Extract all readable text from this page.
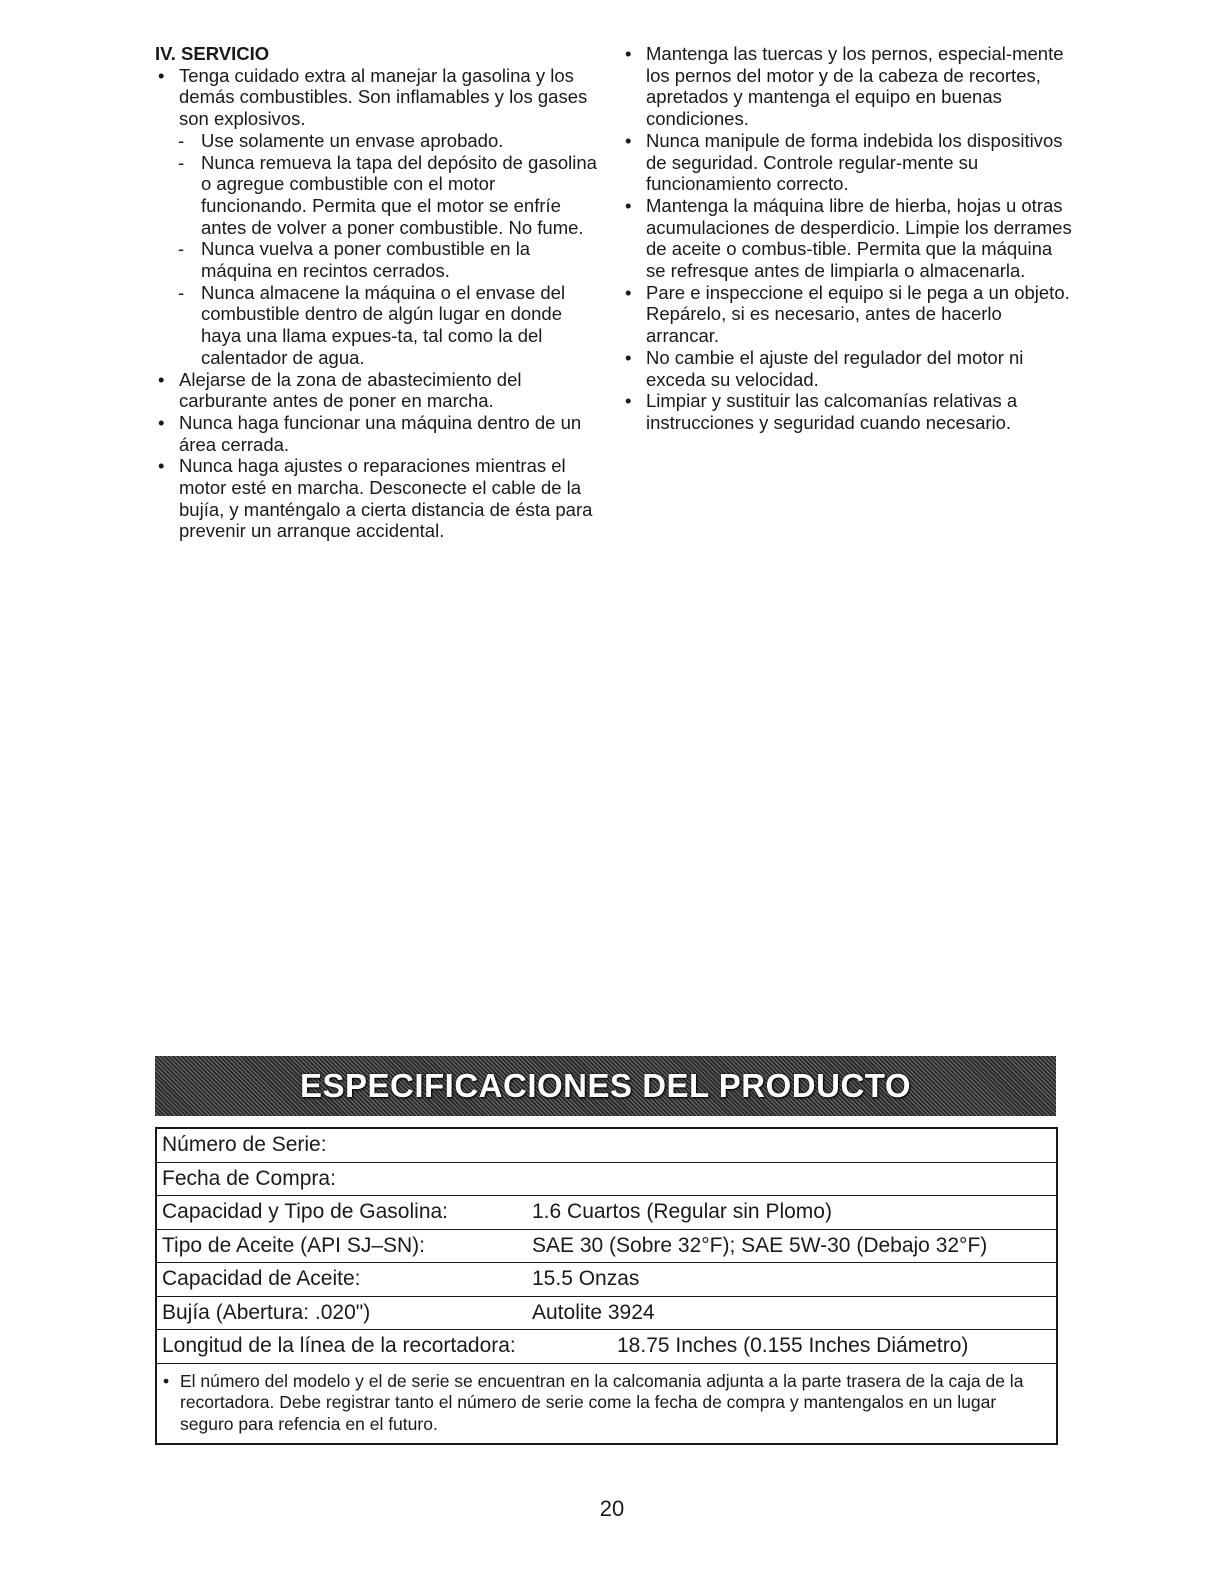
IV. SERVICIO

• Tenga cuidado extra al manejar la gasolina y los demás combustibles. Son inflamables y los gases son explosivos.
- Use solamente un envase aprobado.
- Nunca remueva la tapa del depósito de gasolina o agregue combustible con el motor funcionando. Permita que el motor se enfríe antes de volver a poner combustible. No fume.
- Nunca vuelva a poner combustible en la máquina en recintos cerrados.
- Nunca almacene la máquina o el envase del combustible dentro de algún lugar en donde haya una llama expues-ta, tal como la del calentador de agua.
• Alejarse de la zona de abastecimiento del carburante antes de poner en marcha.
• Nunca haga funcionar una máquina dentro de un área cerrada.
• Nunca haga ajustes o reparaciones mientras el motor esté en marcha. Desconecte el cable de la bujía, y manténgalo a cierta distancia de ésta para prevenir un arranque accidental.
• Mantenga las tuercas y los pernos, especial-mente los pernos del motor y de la cabeza de recortes, apretados y mantenga el equipo en buenas condiciones.
• Nunca manipule de forma indebida los dispositivos de seguridad. Controle regular-mente su funcionamiento correcto.
• Mantenga la máquina libre de hierba, hojas u otras acumulaciones de desperdicio. Limpie los derrames de aceite o combus-tible. Permita que la máquina se refresque antes de limpiarla o almacenarla.
• Pare e inspeccione el equipo si le pega a un objeto. Repárelo, si es necesario, antes de hacerlo arrancar.
• No cambie el ajuste del regulador del motor ni exceda su velocidad.
• Limpiar y sustituir las calcomanías relativas a instrucciones y seguridad cuando necesario.
ESPECIFICACIONES DEL PRODUCTO
Número de Serie:
Fecha de Compra:
Capacidad y Tipo de Gasolina:	1.6 Cuartos (Regular sin Plomo)
Tipo de Aceite (API SJ–SN):	SAE 30 (Sobre 32°F); SAE 5W-30 (Debajo 32°F)
Capacidad de Aceite:	15.5 Onzas
Bujía (Abertura: .020")	Autolite 3924
Longitud de la línea de la recortadora:	18.75 Inches (0.155 Inches Diámetro)
• El número del modelo y el de serie se encuentran en la calcomania adjunta a la parte trasera de la caja de la recortadora. Debe registrar tanto el número de serie come la fecha de compra y mantengalos en un lugar seguro para refencia en el futuro.
20
